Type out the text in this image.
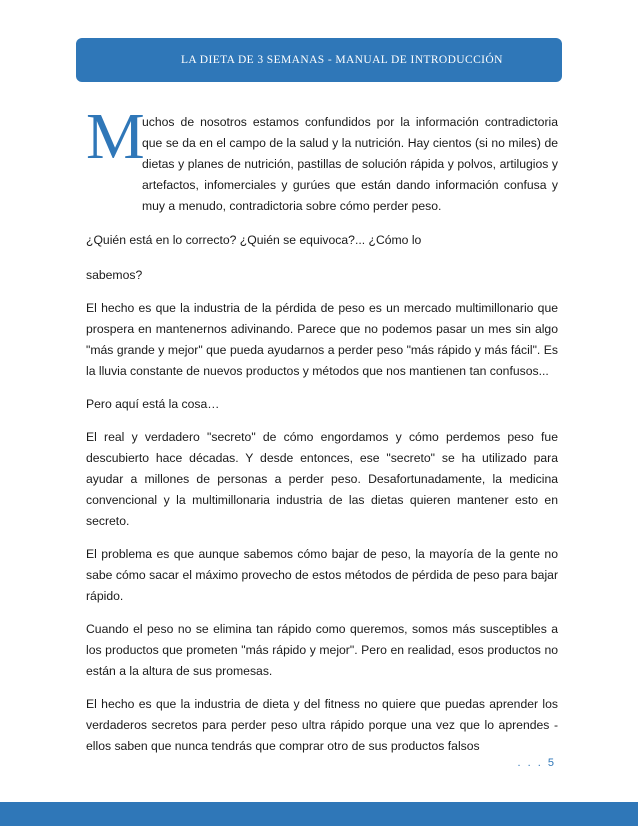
LA DIETA DE 3 SEMANAS - MANUAL DE INTRODUCCIÓN
M

uchos de nosotros estamos confundidos por la información contradictoria que se da en el campo de la salud y la nutrición. Hay cientos (si no miles) de dietas y planes de nutrición, pastillas de solución rápida y polvos, artilugios y artefactos, infomerciales y gurúes que están dando información confusa y muy a menudo, contradictoria sobre cómo perder peso.

¿Quién está en lo correcto? ¿Quién se equivoca?... ¿Cómo lo

sabemos?

El hecho es que la industria de la pérdida de peso es un mercado multimillonario que prospera en mantenernos adivinando. Parece que no podemos pasar un mes sin algo "más grande y mejor" que pueda ayudarnos a perder peso "más rápido y más fácil". Es la lluvia constante de nuevos productos y métodos que nos mantienen tan confusos...

Pero aquí está la cosa…

El real y verdadero "secreto" de cómo engordamos y cómo perdemos peso fue descubierto hace décadas. Y desde entonces, ese "secreto" se ha utilizado para ayudar a millones de personas a perder peso. Desafortunadamente, la medicina convencional y la multimillonaria industria de las dietas quieren mantener esto en secreto.

El problema es que aunque sabemos cómo bajar de peso, la mayoría de la gente no sabe cómo sacar el máximo provecho de estos métodos de pérdida de peso para bajar rápido.

Cuando el peso no se elimina tan rápido como queremos, somos más susceptibles a los productos que prometen "más rápido y mejor". Pero en realidad, esos productos no están a la altura de sus promesas.

El hecho es que la industria de dieta y del fitness no quiere que puedas aprender los verdaderos secretos para perder peso ultra rápido porque una vez que lo aprendes -ellos saben que nunca tendrás que comprar otro de sus productos falsos

. . . 5
